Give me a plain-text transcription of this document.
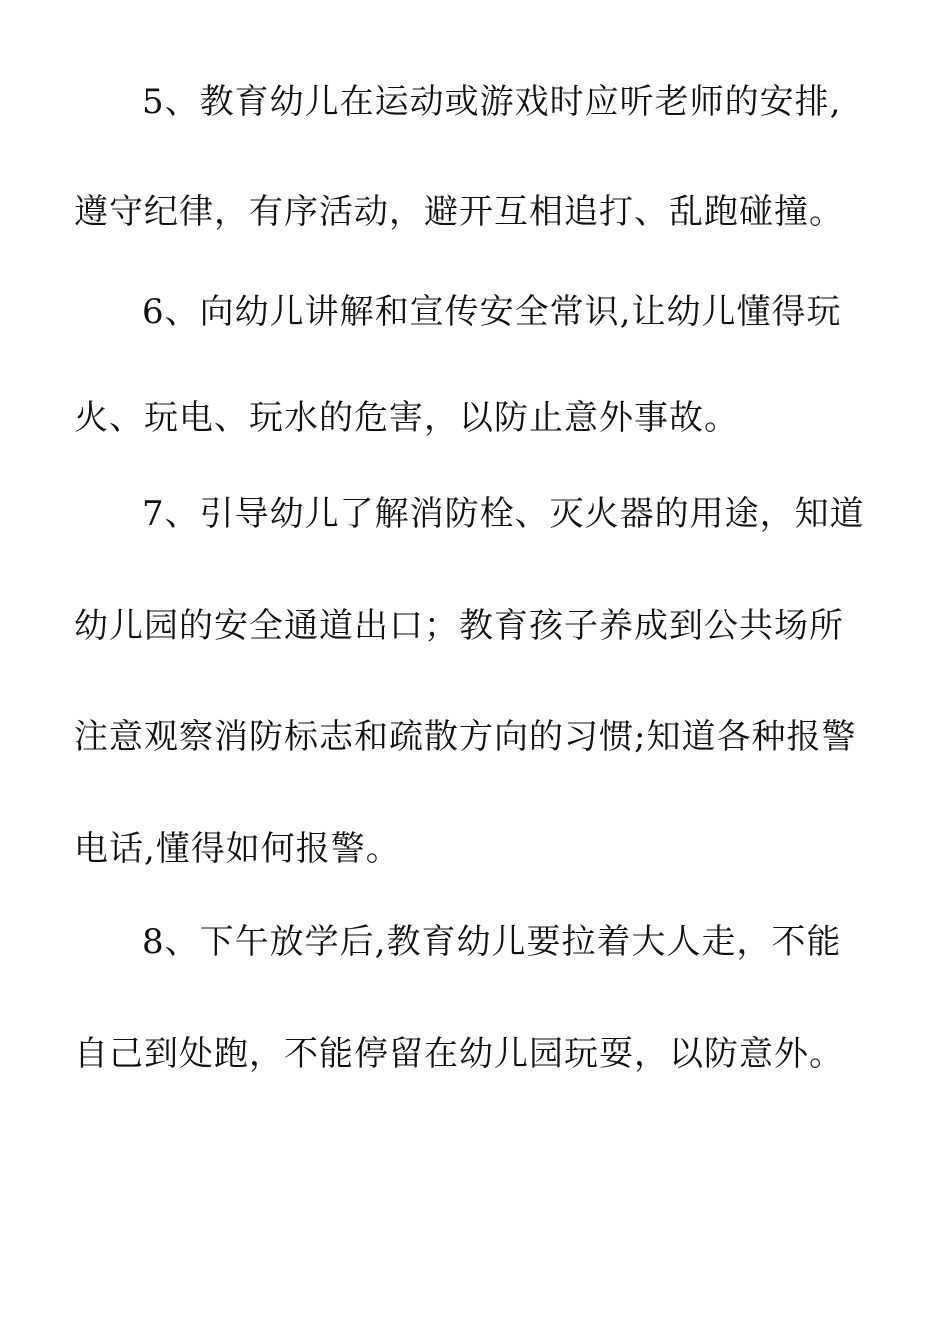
5、教育幼儿在运动或游戏时应听老师的安排,
遵守纪律，有序活动，避开互相追打、乱跑碰撞。
6、向幼儿讲解和宣传安全常识,让幼儿懂得玩
火、玩电、玩水的危害，以防止意外事故。
7、引导幼儿了解消防栓、灭火器的用途，知道
幼儿园的安全通道出口；教育孩子养成到公共场所
注意观察消防标志和疏散方向的习惯;知道各种报警
电话,懂得如何报警。
8、下午放学后,教育幼儿要拉着大人走，不能
自己到处跑，不能停留在幼儿园玩耍，以防意外。
